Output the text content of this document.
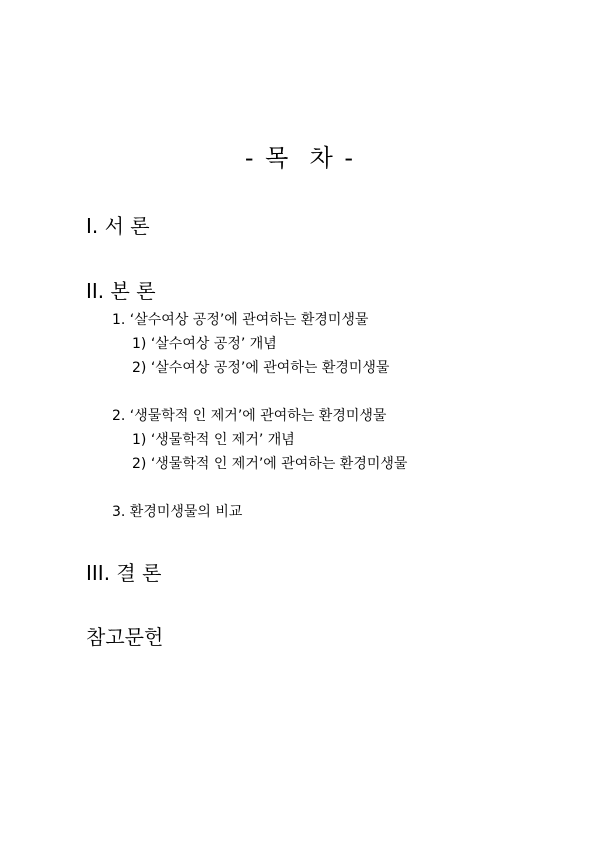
- 목  차 -
I. 서 론
II. 본 론
1. ‘살수여상 공정’에 관여하는 환경미생물
1) ‘살수여상 공정’ 개념
2) ‘살수여상 공정’에 관여하는 환경미생물
2. ‘생물학적 인 제거’에 관여하는 환경미생물
1) ‘생물학적 인 제거’ 개념
2) ‘생물학적 인 제거’에 관여하는 환경미생물
3. 환경미생물의 비교
III. 결 론
참고문헌
